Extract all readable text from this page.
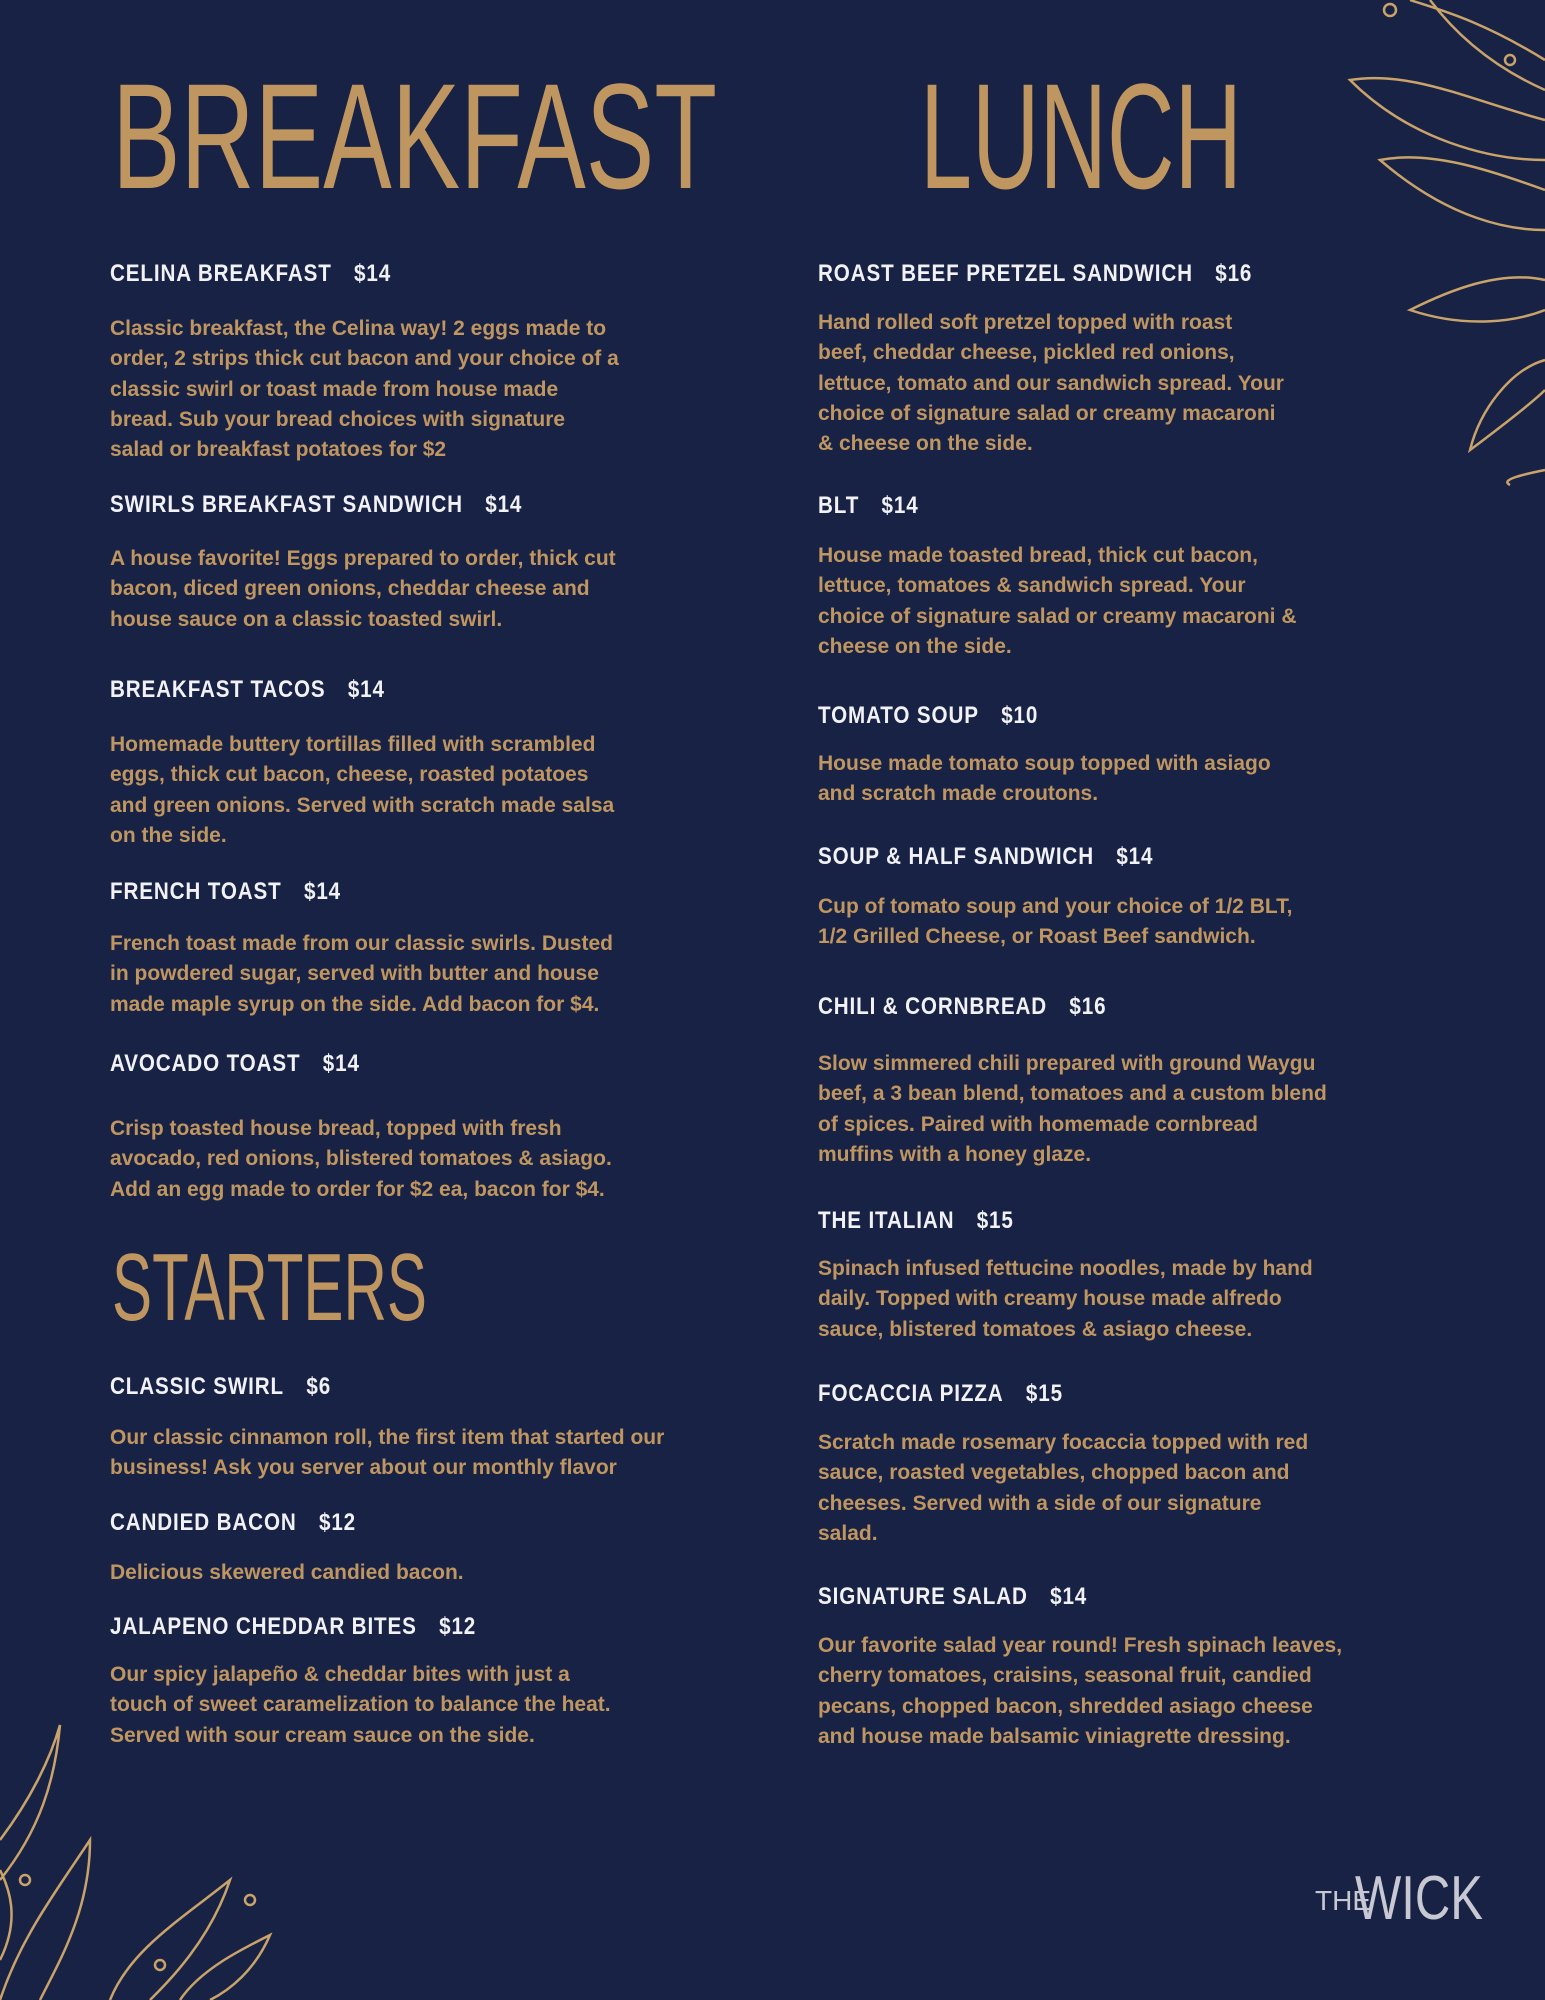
BREAKFAST LUNCH
STARTERS
CELINA BREAKFAST $14
Classic breakfast, the Celina way! 2 eggs made to
order, 2 strips thick cut bacon and your choice of a
classic swirl or toast made from house made
bread. Sub your bread choices with signature
salad or breakfast potatoes for $2
SWIRLS BREAKFAST SANDWICH $14
A house favorite! Eggs prepared to order, thick cut
bacon, diced green onions, cheddar cheese and
house sauce on a classic toasted swirl.
BREAKFAST TACOS $14
Homemade buttery tortillas filled with scrambled
eggs, thick cut bacon, cheese, roasted potatoes
and green onions. Served with scratch made salsa
on the side.
FRENCH TOAST $14
French toast made from our classic swirls. Dusted
in powdered sugar, served with butter and house
made maple syrup on the side. Add bacon for $4.
AVOCADO TOAST $14
Crisp toasted house bread, topped with fresh
avocado, red onions, blistered tomatoes & asiago.
Add an egg made to order for $2 ea, bacon for $4.
CLASSIC SWIRL $6
Our classic cinnamon roll, the first item that started our
business! Ask you server about our monthly flavor
CANDIED BACON $12
Delicious skewered candied bacon.
JALAPENO CHEDDAR BITES $12
Our spicy jalapeño & cheddar bites with just a
touch of sweet caramelization to balance the heat.
Served with sour cream sauce on the side.
ROAST BEEF PRETZEL SANDWICH $16
Hand rolled soft pretzel topped with roast
beef, cheddar cheese, pickled red onions,
lettuce, tomato and our sandwich spread. Your
choice of signature salad or creamy macaroni
& cheese on the side.
BLT $14
House made toasted bread, thick cut bacon,
lettuce, tomatoes & sandwich spread. Your
choice of signature salad or creamy macaroni &
cheese on the side.
TOMATO SOUP $10
House made tomato soup topped with asiago
and scratch made croutons.
SOUP & HALF SANDWICH $14
Cup of tomato soup and your choice of 1/2 BLT,
1/2 Grilled Cheese, or Roast Beef sandwich.
CHILI & CORNBREAD $16
Slow simmered chili prepared with ground Waygu
beef, a 3 bean blend, tomatoes and a custom blend
of spices. Paired with homemade cornbread
muffins with a honey glaze.
THE ITALIAN $15
Spinach infused fettucine noodles, made by hand
daily. Topped with creamy house made alfredo
sauce, blistered tomatoes & asiago cheese.
FOCACCIA PIZZA $15
Scratch made rosemary focaccia topped with red
sauce, roasted vegetables, chopped bacon and
cheeses. Served with a side of our signature
salad.
SIGNATURE SALAD $14
Our favorite salad year round! Fresh spinach leaves,
cherry tomatoes, craisins, seasonal fruit, candied
pecans, chopped bacon, shredded asiago cheese
and house made balsamic viniagrette dressing.
THE
WICK
